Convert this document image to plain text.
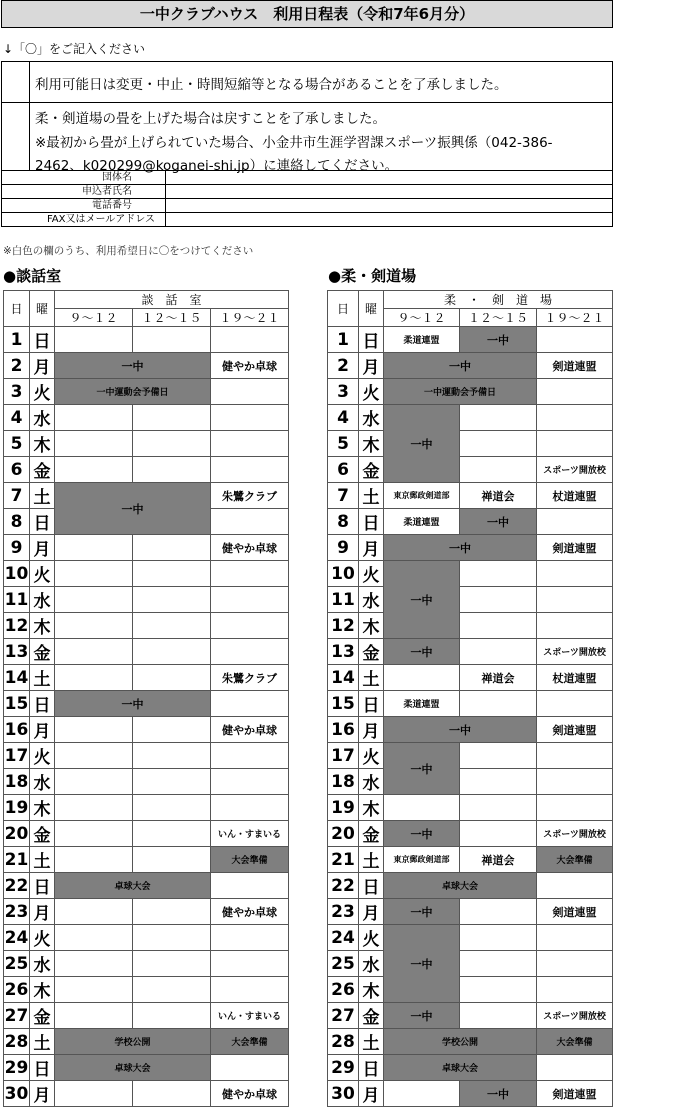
一中クラブハウス　利用日程表（令和7年6月分）
↓「〇」をご記入ください
利用可能日は変更・中止・時間短縮等となる場合があることを了承しました。
柔・剣道場の畳を上げた場合は戻すことを了承しました。
※最初から畳が上げられていた場合、小金井市生涯学習課スポーツ振興係（042-386-
2462、k020299@koganei-shi.jp）に連絡してください。
団体名	
申込者氏名	
電話番号	
FAX又はメールアドレス	
※白色の欄のうち、利用希望日に〇をつけてください
●談話室	●柔・剣道場
日	曜	談　話　室		
		９～１２	１２～１５	１９～２１
1	日			
2	月	一中		健やか卓球
3	火	一中運動会予備日		
4	水			
5	木			
6	金			
7	土	一中		朱鷺クラブ
8	日			
9	月			健やか卓球
10	火			
11	水			
12	木			
13	金			
14	土			朱鷺クラブ
15	日	一中		
16	月			健やか卓球
17	火			
18	水			
19	木			
20	金			いん・すまいる
21	土			大会準備
22	日	卓球大会		
23	月			健やか卓球
24	火			
25	水			
26	木			
27	金			いん・すまいる
28	土	学校公開		大会準備
29	日	卓球大会		
30	月			健やか卓球
日	曜	柔　・　剣　道　場		
		９～１２	１２～１５	１９～２１
1	日	柔道連盟	一中	
2	月	一中		剣道連盟
3	火	一中運動会予備日		
4	水	一中		
5	木			
6	金			スポーツ開放校
7	土	東京郵政剣道部	禅道会	杖道連盟
8	日	柔道連盟	一中	
9	月	一中		剣道連盟
10	火	一中		
11	水			
12	木			
13	金	一中		スポーツ開放校
14	土		禅道会	杖道連盟
15	日	柔道連盟		
16	月	一中		剣道連盟
17	火	一中		
18	水			
19	木			
20	金	一中		スポーツ開放校
21	土	東京郵政剣道部	禅道会	大会準備
22	日	卓球大会		
23	月	一中		剣道連盟
24	火	一中		
25	水			
26	木			
27	金	一中		スポーツ開放校
28	土	学校公開		大会準備
29	日	卓球大会		
30	月		一中	剣道連盟
